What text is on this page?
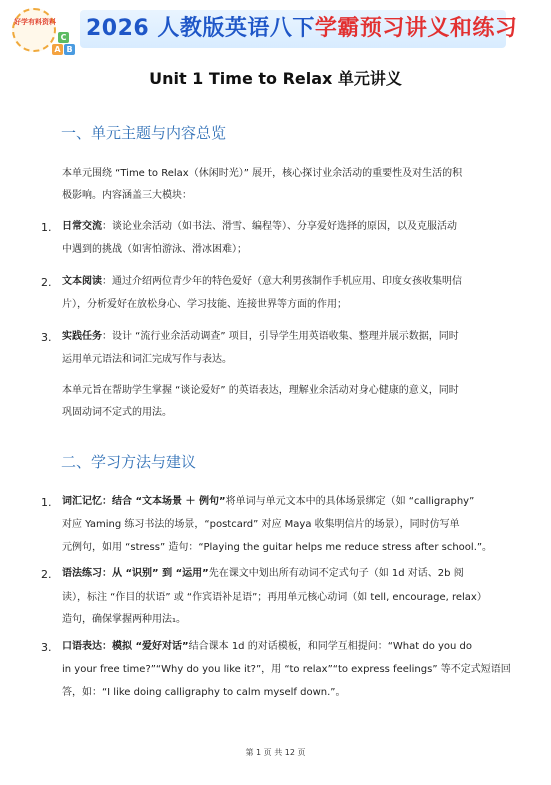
好学有料资料
A B
C 2026 人教版英语八下学霸预习讲义和练习
Unit 1 Time to Relax 单元讲义
一、单元主题与内容总览
本单元围绕 “Time to Relax（休闲时光）” 展开，核心探讨业余活动的重要性及对生活的积
极影响。内容涵盖三大模块：
1. 日常交流：谈论业余活动（如书法、滑雪、编程等）、分享爱好选择的原因，以及克服活动
中遇到的挑战（如害怕游泳、滑冰困难）；
2. 文本阅读：通过介绍两位青少年的特色爱好（意大利男孩制作手机应用、印度女孩收集明信
片），分析爱好在放松身心、学习技能、连接世界等方面的作用；
3. 实践任务：设计 “流行业余活动调查” 项目，引导学生用英语收集、整理并展示数据，同时
运用单元语法和词汇完成写作与表达。
本单元旨在帮助学生掌握 “谈论爱好” 的英语表达，理解业余活动对身心健康的意义，同时
巩固动词不定式的用法。
二、学习方法与建议
1. 词汇记忆：结合 “文本场景 ＋ 例句”将单词与单元文本中的具体场景绑定（如 “calligraphy”
对应 Yaming 练习书法的场景，“postcard” 对应 Maya 收集明信片的场景），同时仿写单
元例句，如用 “stress” 造句：“Playing the guitar helps me reduce stress after school.”。
2. 语法练习：从 “识别” 到 “运用”先在课文中划出所有动词不定式句子（如 1d 对话、2b 阅
读），标注 “作目的状语” 或 “作宾语补足语”；再用单元核心动词（如 tell, encourage, relax）
造句，确保掌握两种用法₁。
3. 口语表达：模拟 “爱好对话”结合课本 1d 的对话模板，和同学互相提问：“What do you do
in your free time?”“Why do you like it?”，用 “to relax”“to express feelings” 等不定式短语回
答，如：“I like doing calligraphy to calm myself down.”。
第 1 页 共 12 页
